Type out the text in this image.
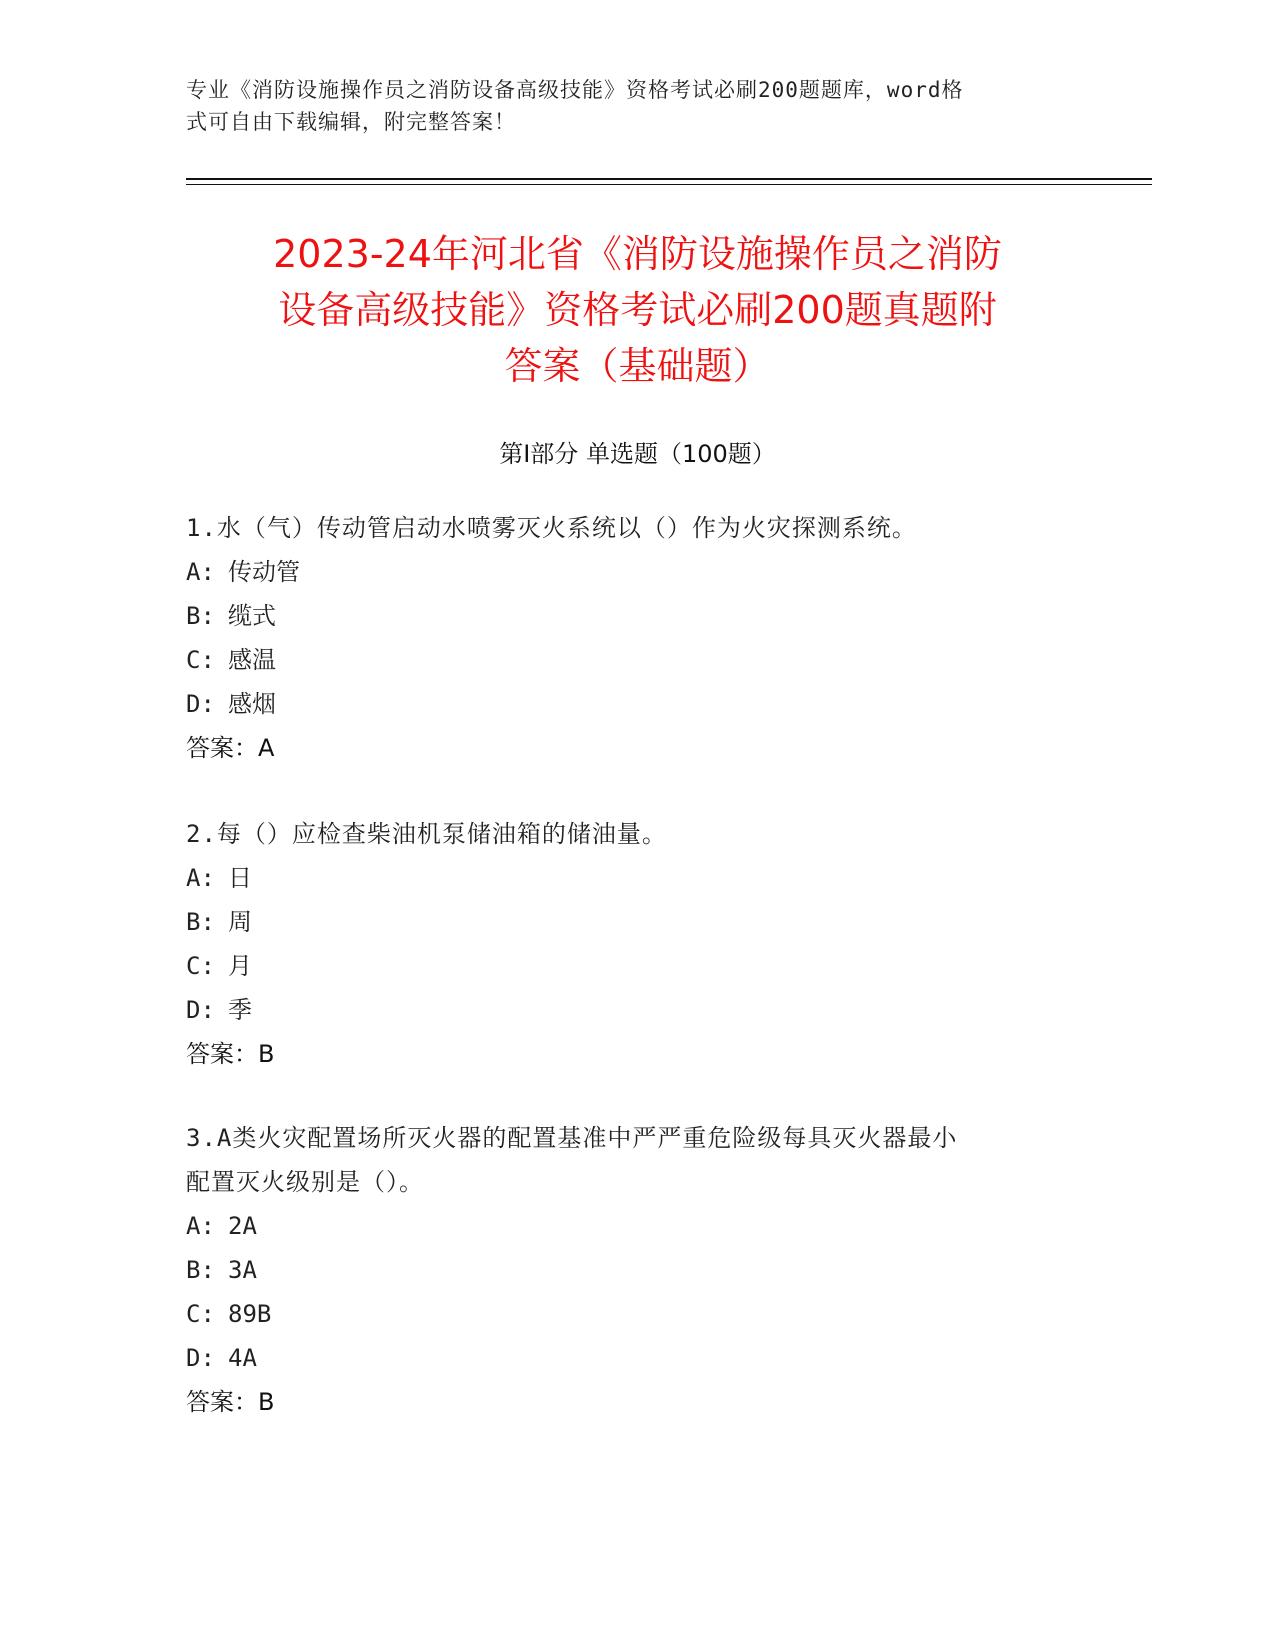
专业《消防设施操作员之消防设备高级技能》资格考试必刷200题题库，word格
式可自由下载编辑，附完整答案！
2023-24年河北省《消防设施操作员之消防
设备高级技能》资格考试必刷200题真题附
答案（基础题）
第Ⅰ部分 单选题（100题）
1.水（气）传动管启动水喷雾灭火系统以（）作为火灾探测系统。
A: 传动管
B: 缆式
C: 感温
D: 感烟
答案：A
2.每（）应检查柴油机泵储油箱的储油量。
A: 日
B: 周
C: 月
D: 季
答案：B
3.A类火灾配置场所灭火器的配置基准中严严重危险级每具灭火器最小
配置灭火级别是（）。
A: 2A
B: 3A
C: 89B
D: 4A
答案：B
